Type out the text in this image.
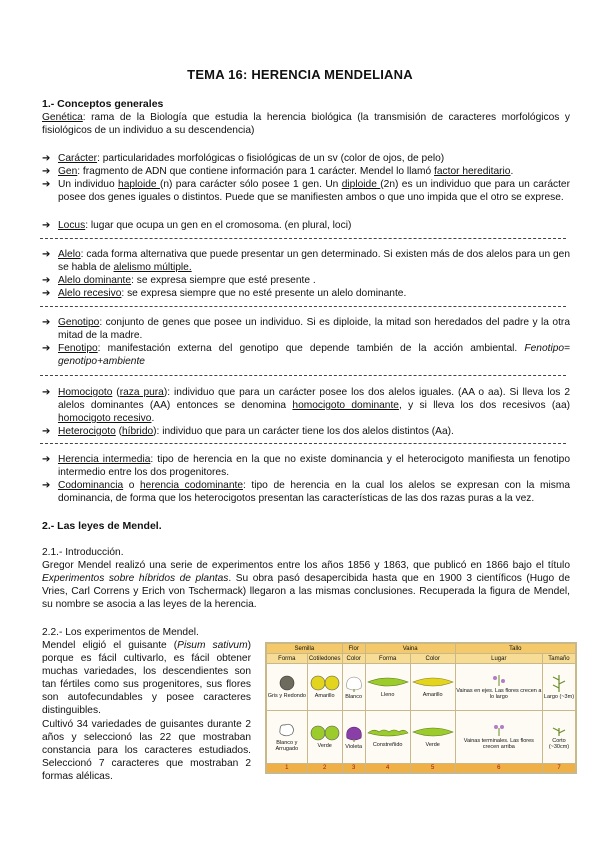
TEMA 16: HERENCIA MENDELIANA
1.- Conceptos generales
Genética: rama de la Biología que estudia la herencia biológica (la transmisión de caracteres morfológicos y fisiológicos de un individuo a su descendencia)
➔ Carácter: particularidades morfológicas o fisiológicas de un sv (color de ojos, de pelo)
➔ Gen: fragmento de ADN que contiene información para 1 carácter. Mendel lo llamó factor hereditario.
➔ Un individuo haploide (n) para carácter sólo posee 1 gen. Un diploide (2n) es un individuo que para un carácter posee dos genes iguales o distintos. Puede que se manifiesten ambos o que uno impida que el otro se exprese.
➔ Locus: lugar que ocupa un gen en el cromosoma. (en plural, loci)
➔ Alelo: cada forma alternativa que puede presentar un gen determinado. Si existen más de dos alelos para un gen se habla de alelismo múltiple.
➔ Alelo dominante: se expresa siempre que esté presente .
➔ Alelo recesivo: se expresa siempre que no esté presente un alelo dominante.
➔ Genotipo: conjunto de genes que posee un individuo. Si es diploide, la mitad son heredados del padre y la otra mitad de la madre.
➔ Fenotipo: manifestación externa del genotipo que depende también de la acción ambiental. Fenotipo= genotipo+ambiente
➔ Homocigoto (raza pura): individuo que para un carácter posee los dos alelos iguales. (AA o aa). Si lleva los 2 alelos dominantes (AA) entonces se denomina homocigoto dominante, y si lleva los dos recesivos (aa) homocigoto recesivo.
➔ Heterocigoto (híbrido): individuo que para un carácter tiene los dos alelos distintos (Aa).
➔ Herencia intermedia: tipo de herencia en la que no existe dominancia y el heterocigoto manifiesta un fenotipo intermedio entre los dos progenitores.
➔ Codominancia o herencia codominante: tipo de herencia en la cual los alelos se expresan con la misma dominancia, de forma que los heterocigotos presentan las características de las dos razas puras a la vez.
2.- Las leyes de Mendel.
2.1.- Introducción.
Gregor Mendel realizó una serie de experimentos entre los años 1856 y 1863, que publicó en 1866 bajo el título Experimentos sobre híbridos de plantas. Su obra pasó desapercibida hasta que en 1900 3 científicos (Hugo de Vries, Carl Correns y Erich von Tschermack) llegaron a las mismas conclusiones. Recuperada la figura de Mendel, su nombre se asocia a las leyes de la herencia.
2.2.- Los experimentos de Mendel.
Mendel eligió el guisante (Pisum sativum) porque es fácil cultivarlo, es fácil obtener muchas variedades, los descendientes son tan fértiles como sus progenitores, sus flores son autofecundables y posee caracteres distinguibles.
Cultivó 34 variedades de guisantes durante 2 años y seleccionó las 22 que mostraban constancia para los caracteres estudiados. Seleccionó 7 caracteres que mostraban 2 formas alélicas.
Semilla		Flor	Vaina		Tallo	
Forma	Cotiledones	Color	Forma	Color	Lugar	Tamaño

Gris y Redondo	Amarillo	Blanco	Lleno	Amarillo	Vainas en ejes. Las flores crecen a lo largo	Largo (~3m)

Blanco y Arrugado	Verde	Violeta	Constreñido	Verde	Vainas terminales. Las flores crecen arriba	Corto (~30cm)

1	2	3	4	5	6	7
